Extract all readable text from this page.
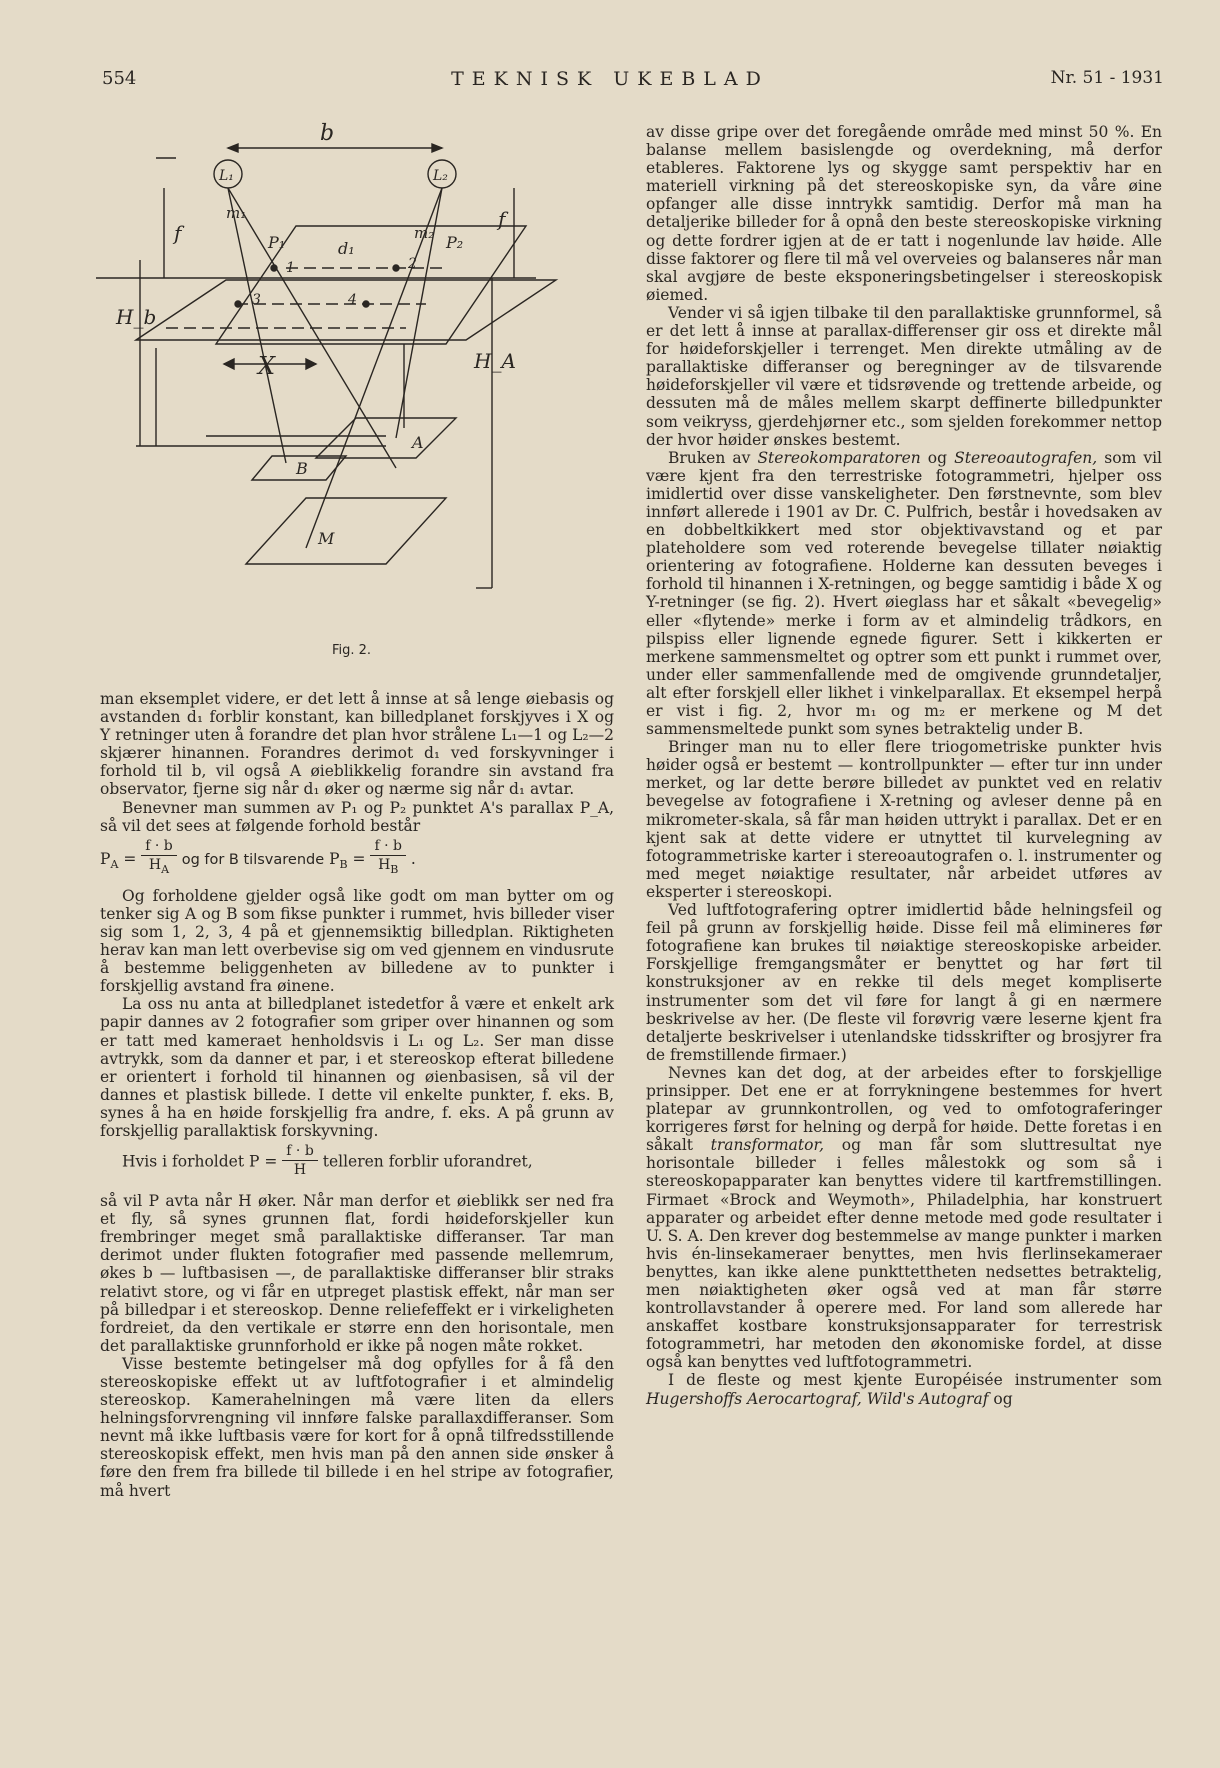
554	TEKNISK UKEBLAD	Nr. 51 - 1931
b
L₁	L₂
f
f
H_b
H_A
m₁
m₂
P₁	P₂
d₁
1	2
3	4
X
A
B
M
Fig. 2.

man eksemplet videre, er det lett å innse at så lenge øiebasis og avstanden d₁ forblir konstant, kan billedplanet forskjyves i X og Y retninger uten å forandre det plan hvor strålene L₁—1 og L₂—2 skjærer hinannen. Forandres derimot d₁ ved forskyvninger i forhold til b, vil også A øieblikkelig forandre sin avstand fra observator, fjerne sig når d₁ øker og nærme sig når d₁ avtar.

Benevner man summen av P₁ og P₂ punktet A's parallax P_A, så vil det sees at følgende forhold består

$P_A = \frac{f \cdot b}{H_A}$ og for B tilsvarende $P_B = \frac{f \cdot b}{H_B}$ .

Og forholdene gjelder også like godt om man bytter om og tenker sig A og B som fikse punkter i rummet, hvis billeder viser sig som 1, 2, 3, 4 på et gjennemsiktig billedplan. Riktigheten herav kan man lett overbevise sig om ved gjennem en vindusrute å bestemme beliggenheten av billedene av to punkter i forskjellig avstand fra øinene.

La oss nu anta at billedplanet istedetfor å være et enkelt ark papir dannes av 2 fotografier som griper over hinannen og som er tatt med kameraet henholdsvis i L₁ og L₂. Ser man disse avtrykk, som da danner et par, i et stereoskop efterat billedene er orientert i forhold til hinannen og øienbasisen, så vil der dannes et plastisk billede. I dette vil enkelte punkter, f. eks. B, synes å ha en høide forskjellig fra andre, f. eks. A på grunn av forskjellig parallaktisk forskyvning.

Hvis i forholdet $P = \frac{f \cdot b}{H}$ telleren forblir uforandret,

så vil P avta når H øker. Når man derfor et øieblikk ser ned fra et fly, så synes grunnen flat, fordi høideforskjeller kun frembringer meget små parallaktiske differanser. Tar man derimot under flukten fotografier med passende mellemrum, økes b — luftbasisen —, de parallaktiske differanser blir straks relativt store, og vi får en utpreget plastisk effekt, når man ser på billedpar i et stereoskop. Denne reliefeffekt er i virkeligheten fordreiet, da den vertikale er større enn den horisontale, men det parallaktiske grunnforhold er ikke på nogen måte rokket.

Visse bestemte betingelser må dog opfylles for å få den stereoskopiske effekt ut av luftfotografier i et almindelig stereoskop. Kamerahelningen må være liten da ellers helningsforvrengning vil innføre falske parallaxdifferanser. Som nevnt må ikke luftbasis være for kort for å opnå tilfredsstillende stereoskopisk effekt, men hvis man på den annen side ønsker å føre den frem fra billede til billede i en hel stripe av fotografier, må hvert

av disse gripe over det foregående område med minst 50 %. En balanse mellem basislengde og overdekning, må derfor etableres. Faktorene lys og skygge samt perspektiv har en materiell virkning på det stereoskopiske syn, da våre øine opfanger alle disse inntrykk samtidig. Derfor må man ha detaljerike billeder for å opnå den beste stereoskopiske virkning og dette fordrer igjen at de er tatt i nogenlunde lav høide. Alle disse faktorer og flere til må vel overveies og balanseres når man skal avgjøre de beste eksponeringsbetingelser i stereoskopisk øiemed.

Vender vi så igjen tilbake til den parallaktiske grunnformel, så er det lett å innse at parallax-differenser gir oss et direkte mål for høideforskjeller i terrenget. Men direkte utmåling av de parallaktiske differanser og beregninger av de tilsvarende høideforskjeller vil være et tidsrøvende og trettende arbeide, og dessuten må de måles mellem skarpt deffinerte billedpunkter som veikryss, gjerdehjørner etc., som sjelden forekommer nettop der hvor høider ønskes bestemt.

Bruken av Stereokomparatoren og Stereoautografen, som vil være kjent fra den terrestriske fotogrammetri, hjelper oss imidlertid over disse vanskeligheter. Den førstnevnte, som blev innført allerede i 1901 av Dr. C. Pulfrich, består i hovedsaken av en dobbeltkikkert med stor objektivavstand og et par plateholdere som ved roterende bevegelse tillater nøiaktig orientering av fotografiene. Holderne kan dessuten beveges i forhold til hinannen i X-retningen, og begge samtidig i både X og Y-retninger (se fig. 2). Hvert øieglass har et såkalt «bevegelig» eller «flytende» merke i form av et almindelig trådkors, en pilspiss eller lignende egnede figurer. Sett i kikkerten er merkene sammensmeltet og optrer som ett punkt i rummet over, under eller sammenfallende med de omgivende grunndetaljer, alt efter forskjell eller likhet i vinkelparallax. Et eksempel herpå er vist i fig. 2, hvor m₁ og m₂ er merkene og M det sammensmeltede punkt som synes betraktelig under B.

Bringer man nu to eller flere triogometriske punkter hvis høider også er bestemt — kontrollpunkter — efter tur inn under merket, og lar dette berøre billedet av punktet ved en relativ bevegelse av fotografiene i X-retning og avleser denne på en mikrometer-skala, så får man høiden uttrykt i parallax. Det er en kjent sak at dette videre er utnyttet til kurvelegning av fotogrammetriske karter i stereoautografen o. l. instrumenter og med meget nøiaktige resultater, når arbeidet utføres av eksperter i stereoskopi.

Ved luftfotografering optrer imidlertid både helningsfeil og feil på grunn av forskjellig høide. Disse feil må elimineres før fotografiene kan brukes til nøiaktige stereoskopiske arbeider. Forskjellige fremgangsmåter er benyttet og har ført til konstruksjoner av en rekke til dels meget kompliserte instrumenter som det vil føre for langt å gi en nærmere beskrivelse av her. (De fleste vil forøvrig være leserne kjent fra detaljerte beskrivelser i utenlandske tidsskrifter og brosjyrer fra de fremstillende firmaer.)

Nevnes kan det dog, at der arbeides efter to forskjellige prinsipper. Det ene er at forrykningene bestemmes for hvert platepar av grunnkontrollen, og ved to omfotograferinger korrigeres først for helning og derpå for høide. Dette foretas i en såkalt transformator, og man får som sluttresultat nye horisontale billeder i felles målestokk og som så i stereoskopapparater kan benyttes videre til kartfremstillingen. Firmaet «Brock and Weymoth», Philadelphia, har konstruert apparater og arbeidet efter denne metode med gode resultater i U. S. A. Den krever dog bestemmelse av mange punkter i marken hvis én-linsekameraer benyttes, men hvis flerlinsekameraer benyttes, kan ikke alene punkttettheten nedsettes betraktelig, men nøiaktigheten øker også ved at man får større kontrollavstander å operere med. For land som allerede har anskaffet kostbare konstruksjonsapparater for terrestrisk fotogrammetri, har metoden den økonomiske fordel, at disse også kan benyttes ved luftfotogrammetri.

I de fleste og mest kjente Européisée instrumenter som Hugershoffs Aerocartograf, Wild's Autograf og
